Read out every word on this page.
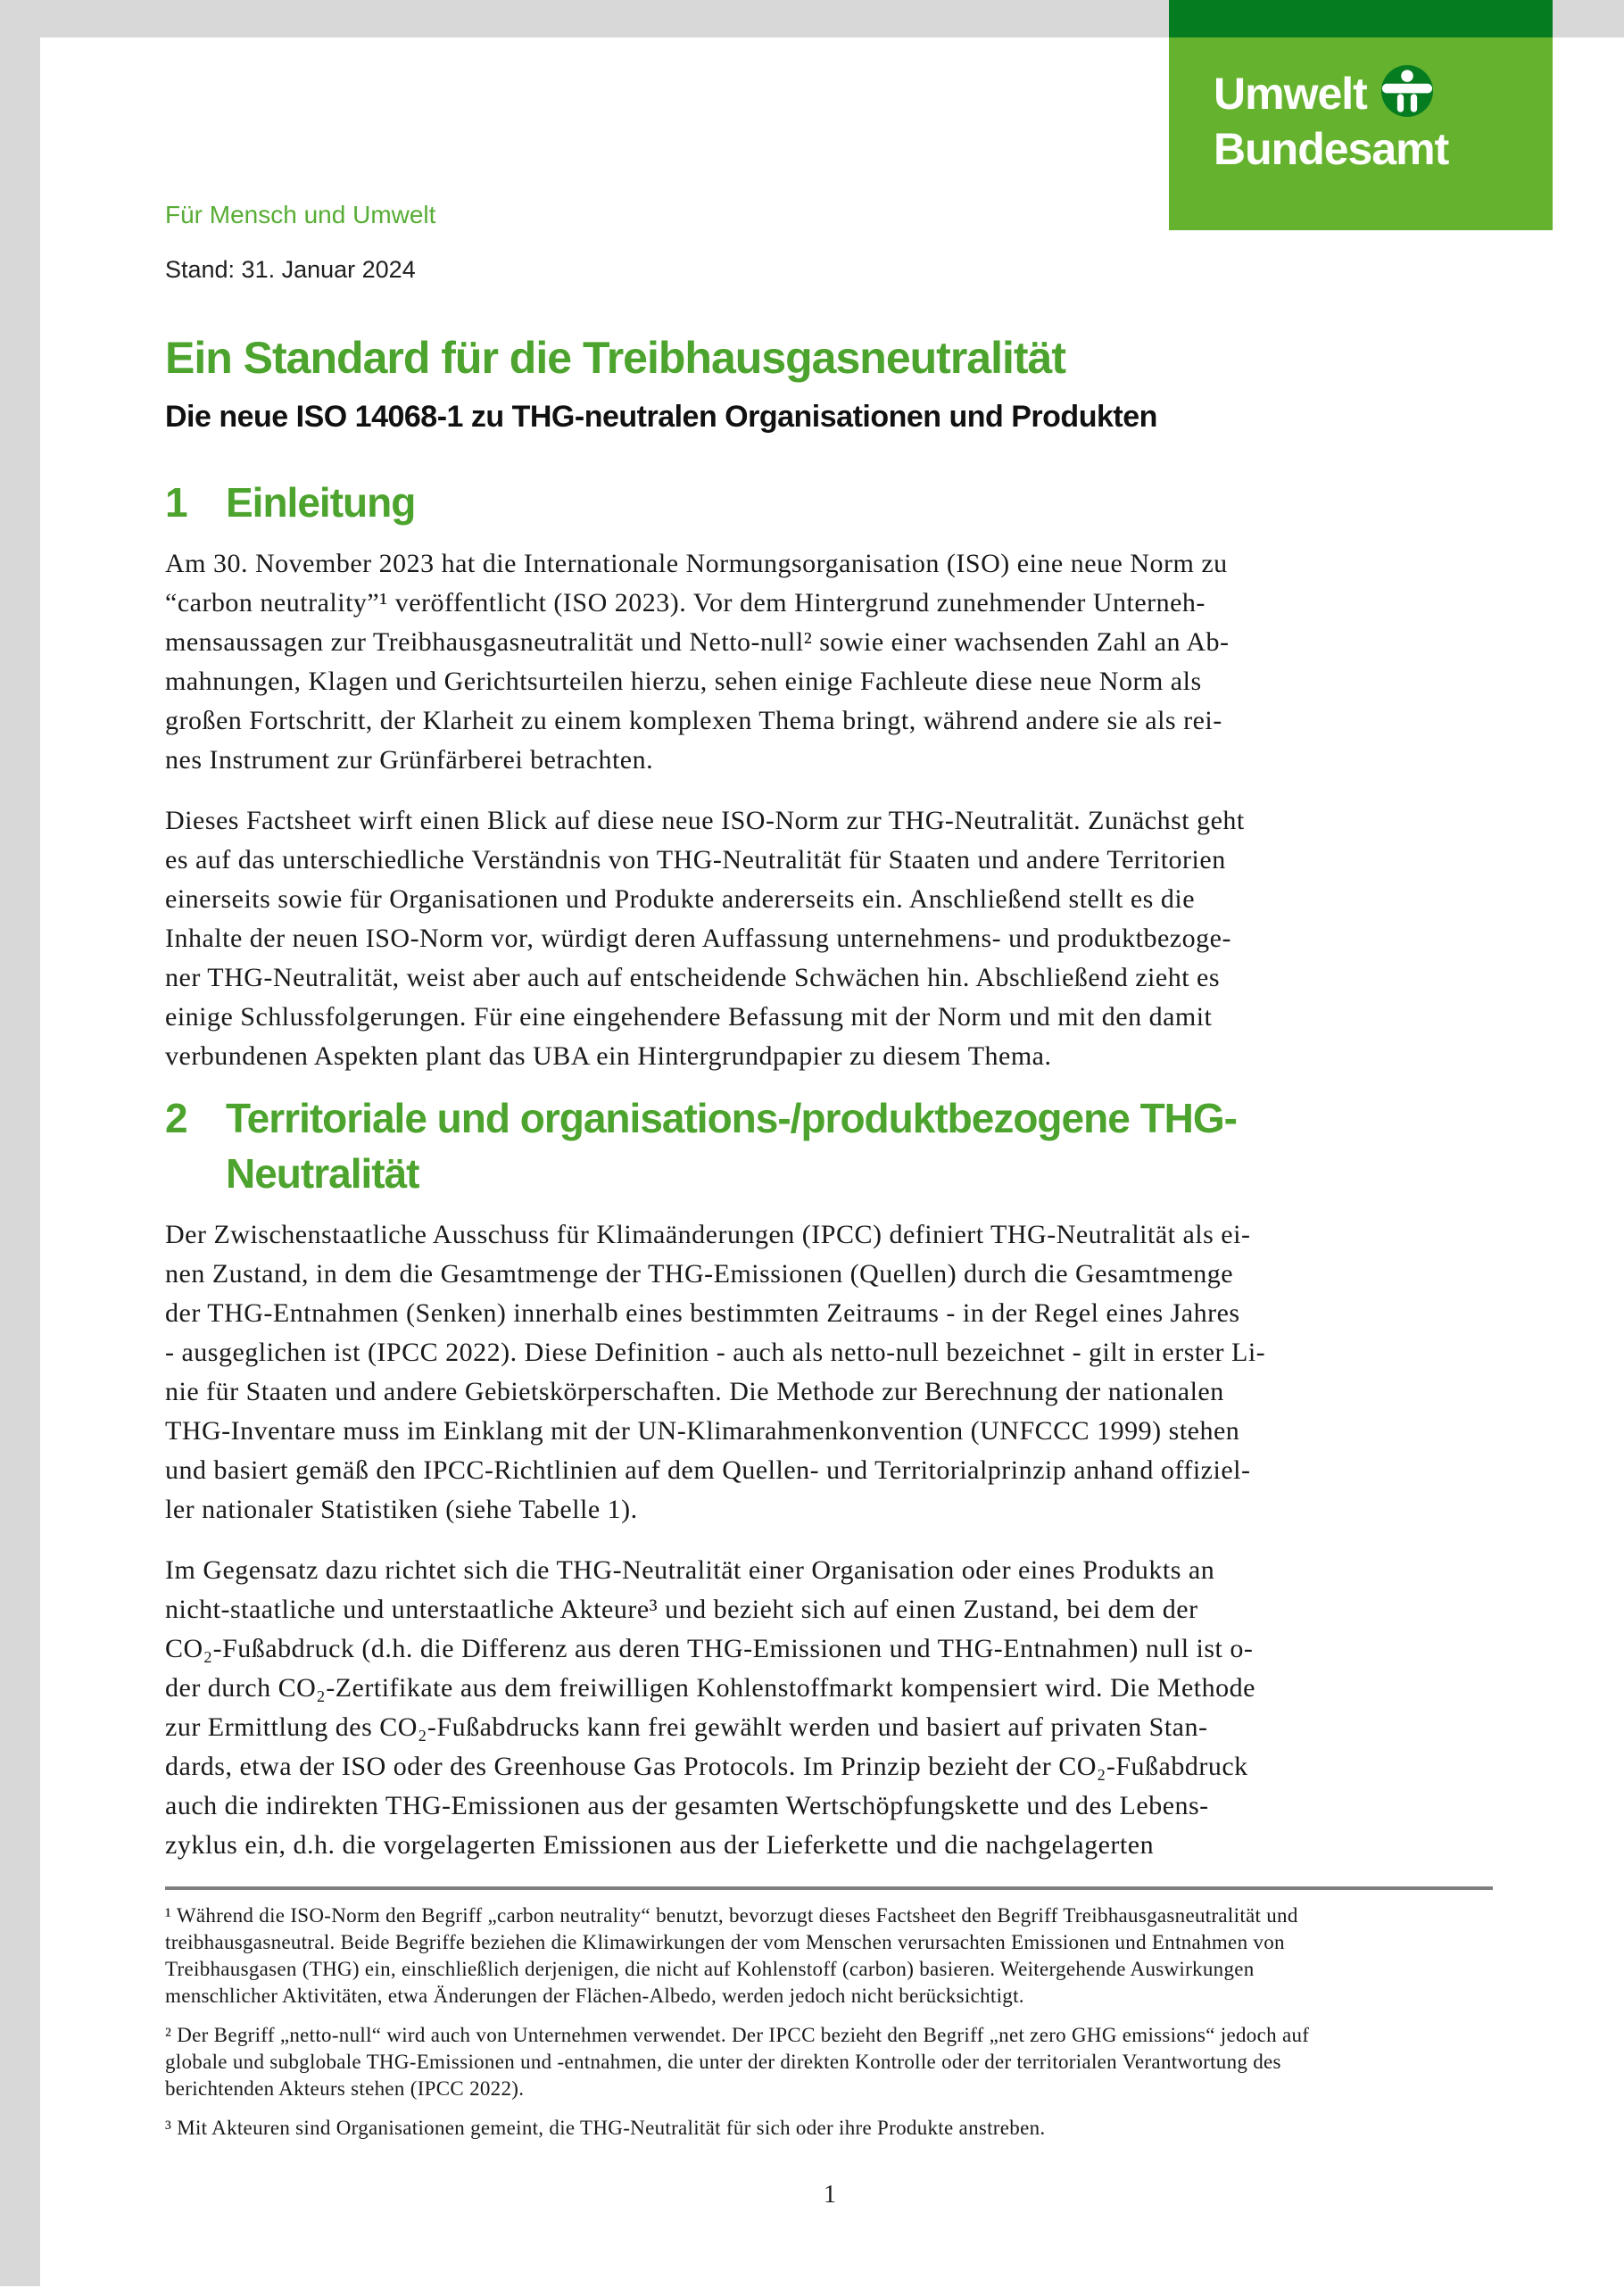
Umwelt
Bundesamt
Für Mensch und Umwelt
Stand: 31. Januar 2024
Ein Standard für die Treibhausgasneutralität
Die neue ISO 14068-1 zu THG-neutralen Organisationen und Produkten
1 Einleitung
Am 30. November 2023 hat die Internationale Normungsorganisation (ISO) eine neue Norm zu
“carbon neutrality”¹ veröffentlicht (ISO 2023). Vor dem Hintergrund zunehmender Unterneh-
mensaussagen zur Treibhausgasneutralität und Netto-null² sowie einer wachsenden Zahl an Ab-
mahnungen, Klagen und Gerichtsurteilen hierzu, sehen einige Fachleute diese neue Norm als
großen Fortschritt, der Klarheit zu einem komplexen Thema bringt, während andere sie als rei-
nes Instrument zur Grünfärberei betrachten.
Dieses Factsheet wirft einen Blick auf diese neue ISO-Norm zur THG-Neutralität. Zunächst geht
es auf das unterschiedliche Verständnis von THG-Neutralität für Staaten und andere Territorien
einerseits sowie für Organisationen und Produkte andererseits ein. Anschließend stellt es die
Inhalte der neuen ISO-Norm vor, würdigt deren Auffassung unternehmens- und produktbezoge-
ner THG-Neutralität, weist aber auch auf entscheidende Schwächen hin. Abschließend zieht es
einige Schlussfolgerungen. Für eine eingehendere Befassung mit der Norm und mit den damit
verbundenen Aspekten plant das UBA ein Hintergrundpapier zu diesem Thema.
2 Territoriale und organisations-/produktbezogene THG-
Neutralität
Der Zwischenstaatliche Ausschuss für Klimaänderungen (IPCC) definiert THG-Neutralität als ei-
nen Zustand, in dem die Gesamtmenge der THG-Emissionen (Quellen) durch die Gesamtmenge
der THG-Entnahmen (Senken) innerhalb eines bestimmten Zeitraums - in der Regel eines Jahres
- ausgeglichen ist (IPCC 2022). Diese Definition - auch als netto-null bezeichnet - gilt in erster Li-
nie für Staaten und andere Gebietskörperschaften. Die Methode zur Berechnung der nationalen
THG-Inventare muss im Einklang mit der UN-Klimarahmenkonvention (UNFCCC 1999) stehen
und basiert gemäß den IPCC-Richtlinien auf dem Quellen- und Territorialprinzip anhand offiziel-
ler nationaler Statistiken (siehe Tabelle 1).
Im Gegensatz dazu richtet sich die THG-Neutralität einer Organisation oder eines Produkts an
nicht-staatliche und unterstaatliche Akteure³ und bezieht sich auf einen Zustand, bei dem der
CO₂-Fußabdruck (d.h. die Differenz aus deren THG-Emissionen und THG-Entnahmen) null ist o-
der durch CO₂-Zertifikate aus dem freiwilligen Kohlenstoffmarkt kompensiert wird. Die Methode
zur Ermittlung des CO₂-Fußabdrucks kann frei gewählt werden und basiert auf privaten Stan-
dards, etwa der ISO oder des Greenhouse Gas Protocols. Im Prinzip bezieht der CO₂-Fußabdruck
auch die indirekten THG-Emissionen aus der gesamten Wertschöpfungskette und des Lebens-
zyklus ein, d.h. die vorgelagerten Emissionen aus der Lieferkette und die nachgelagerten
¹ Während die ISO-Norm den Begriff „carbon neutrality“ benutzt, bevorzugt dieses Factsheet den Begriff Treibhausgasneutralität und
treibhausgasneutral. Beide Begriffe beziehen die Klimawirkungen der vom Menschen verursachten Emissionen und Entnahmen von
Treibhausgasen (THG) ein, einschließlich derjenigen, die nicht auf Kohlenstoff (carbon) basieren. Weitergehende Auswirkungen
menschlicher Aktivitäten, etwa Änderungen der Flächen-Albedo, werden jedoch nicht berücksichtigt.
² Der Begriff „netto-null“ wird auch von Unternehmen verwendet. Der IPCC bezieht den Begriff „net zero GHG emissions“ jedoch auf
globale und subglobale THG-Emissionen und -entnahmen, die unter der direkten Kontrolle oder der territorialen Verantwortung des
berichtenden Akteurs stehen (IPCC 2022).
³ Mit Akteuren sind Organisationen gemeint, die THG-Neutralität für sich oder ihre Produkte anstreben.
1
